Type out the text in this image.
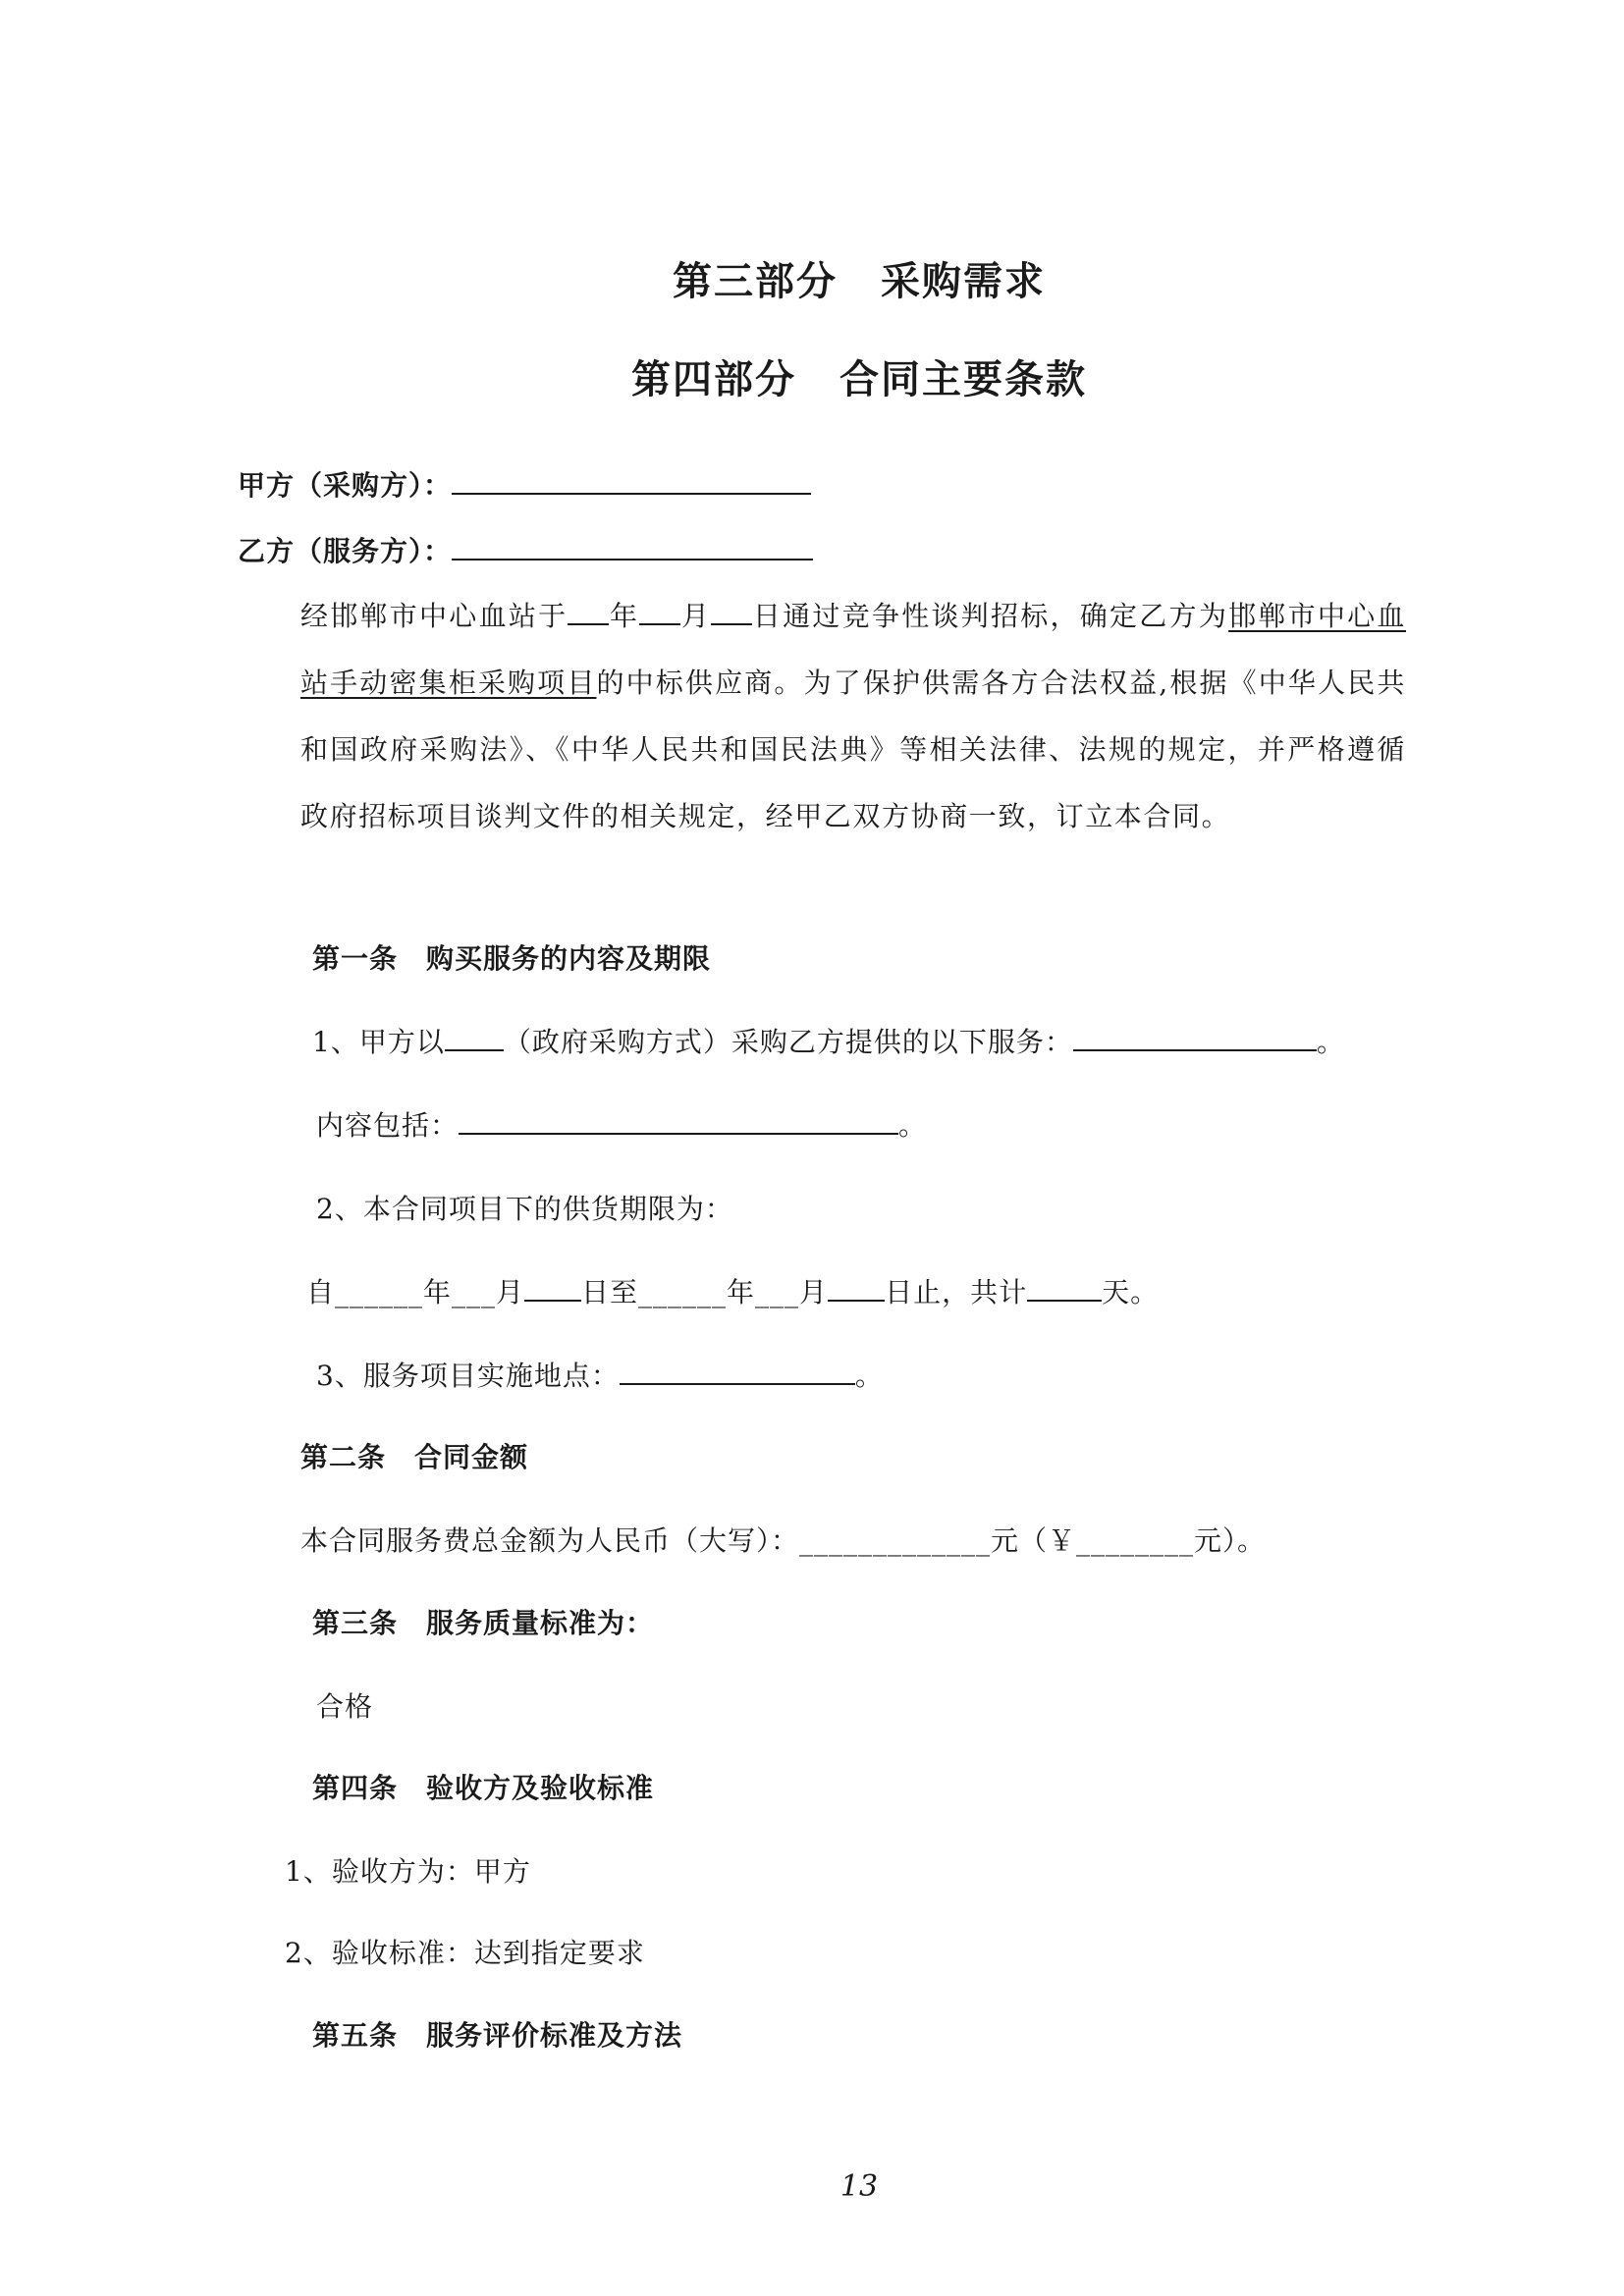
第三部分 采购需求
第四部分 合同主要条款
甲方（采购方）：
乙方（服务方）：

经邯郸市中心血站于 年 月 日通过竞争性谈判招标，确定乙方为邯郸市中心血站手动密集柜采购项目的中标供应商。为了保护供需各方合法权益,根据《中华人民共和国政府采购法》、《中华人民共和国民法典》等相关法律、法规的规定，并严格遵循政府招标项目谈判文件的相关规定，经甲乙双方协商一致，订立本合同。

第一条　购买服务的内容及期限
1、甲方以 （政府采购方式）采购乙方提供的以下服务：	。
内容包括：	。
2、本合同项目下的供货期限为：
自______年___月 日至______年___月 日止，共计	天。
3、服务项目实施地点：	。
第二条　合同金额
本合同服务费总金额为人民币（大写）：_____________元（￥________元）。
第三条　服务质量标准为：
合格
第四条　验收方及验收标准
1、验收方为：甲方
2、验收标准：达到指定要求
第五条　服务评价标准及方法
13
